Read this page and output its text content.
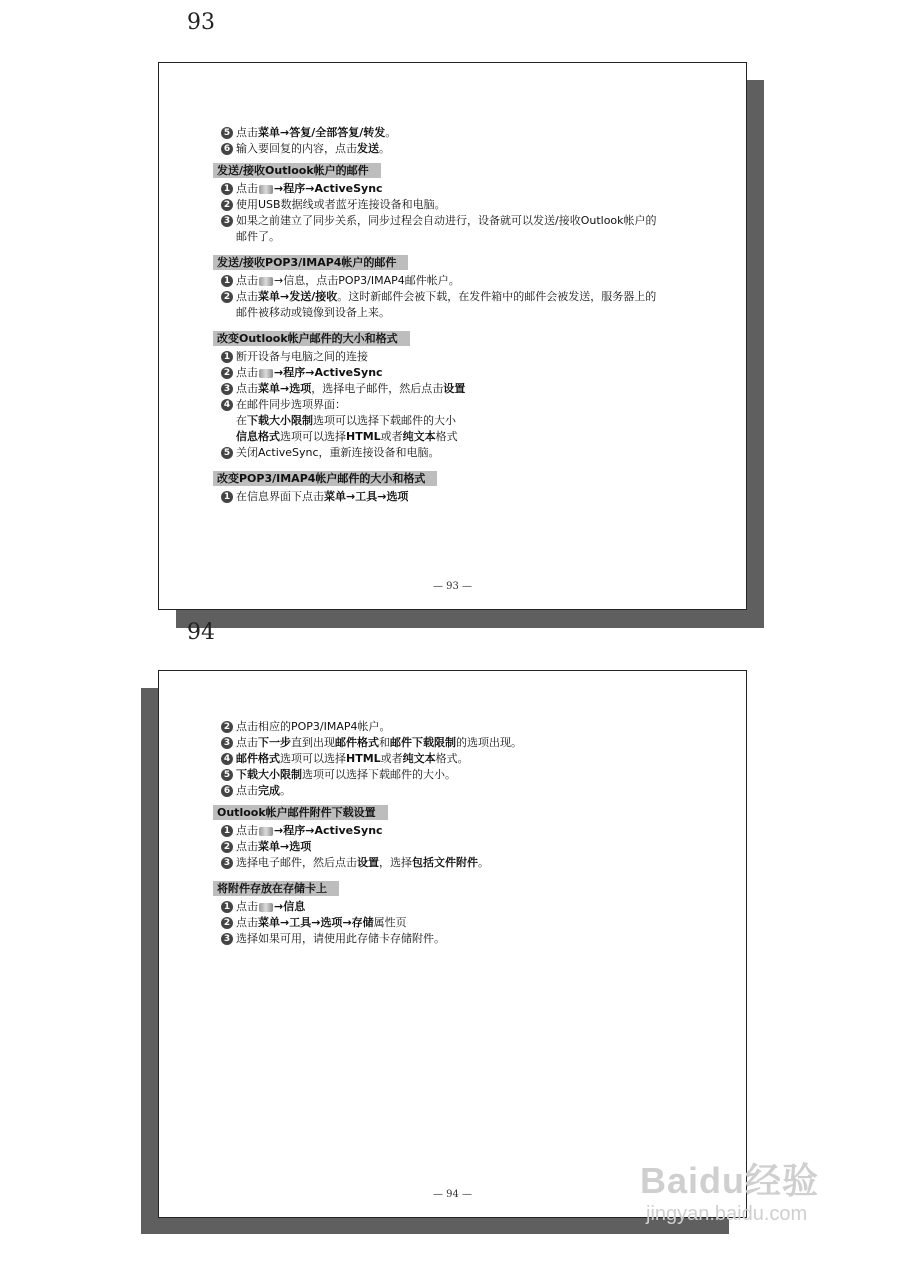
93
5 点击菜单→答复/全部答复/转发。
6 输入要回复的内容，点击发送。
发送/接收Outlook帐户的邮件
1 点击 →程序→ActiveSync
2 使用USB数据线或者蓝牙连接设备和电脑。
3 如果之前建立了同步关系，同步过程会自动进行，设备就可以发送/接收Outlook帐户的
邮件了。
发送/接收POP3/IMAP4帐户的邮件
1 点击 →信息，点击POP3/IMAP4邮件帐户。
2 点击菜单→发送/接收。这时新邮件会被下载，在发件箱中的邮件会被发送，服务器上的
邮件被移动或镜像到设备上来。
改变Outlook帐户邮件的大小和格式
1 断开设备与电脑之间的连接
2 点击 →程序→ActiveSync
3 点击菜单→选项，选择电子邮件，然后点击设置
4 在邮件同步选项界面：
在下载大小限制选项可以选择下载邮件的大小
信息格式选项可以选择HTML或者纯文本格式
5 关闭ActiveSync，重新连接设备和电脑。
改变POP3/IMAP4帐户邮件的大小和格式
1 在信息界面下点击菜单→工具→选项
— 93 —
94
2 点击相应的POP3/IMAP4帐户。
3 点击下一步直到出现邮件格式和邮件下载限制的选项出现。
4 邮件格式选项可以选择HTML或者纯文本格式。
5 下载大小限制选项可以选择下载邮件的大小。
6 点击完成。
Outlook帐户邮件附件下载设置
1 点击 →程序→ActiveSync
2 点击菜单→选项
3 选择电子邮件，然后点击设置，选择包括文件附件。
将附件存放在存储卡上
1 点击 →信息
2 点击菜单→工具→选项→存储属性页
3 选择如果可用，请使用此存储卡存储附件。
— 94 —	Baidu经验
jingyan.baidu.com
